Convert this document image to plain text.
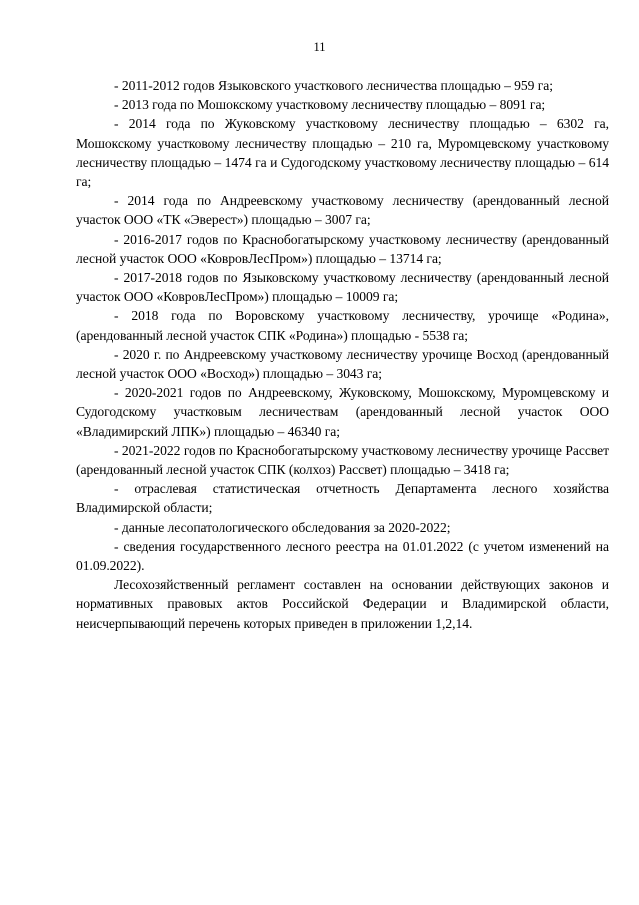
11

- 2011-2012 годов Языковского участкового лесничества площадью – 959 га;

- 2013 года по Мошокскому участковому лесничеству площадью – 8091 га;

- 2014 года по Жуковскому участковому лесничеству площадью – 6302 га, Мошокскому участковому лесничеству площадью – 210 га, Муромцевскому участковому лесничеству площадью – 1474 га и Судогодскому участковому лесничеству площадью – 614 га;

- 2014 года по Андреевскому участковому лесничеству (арендованный лесной участок ООО «ТК «Эверест») площадью – 3007 га;

- 2016-2017 годов по Краснобогатырскому участковому лесничеству (арендованный лесной участок ООО «КовровЛесПром») площадью – 13714 га;

- 2017-2018 годов по Языковскому участковому лесничеству (арендованный лесной участок ООО «КовровЛесПром») площадью – 10009 га;

- 2018 года по Воровскому участковому лесничеству, урочище «Родина», (арендованный лесной участок СПК «Родина») площадью - 5538 га;

- 2020 г. по Андреевскому участковому лесничеству урочище Восход (арендованный лесной участок ООО «Восход») площадью – 3043 га;

- 2020-2021 годов по Андреевскому, Жуковскому, Мошокскому, Муромцевскому и Судогодскому участковым лесничествам (арендованный лесной участок ООО «Владимирский ЛПК») площадью – 46340 га;

- 2021-2022 годов по Краснобогатырскому участковому лесничеству урочище Рассвет (арендованный лесной участок СПК (колхоз) Рассвет) площадью – 3418 га;

- отраслевая статистическая отчетность Департамента лесного хозяйства Владимирской области;

- данные лесопатологического обследования за 2020-2022;

- сведения государственного лесного реестра на 01.01.2022 (с учетом изменений на 01.09.2022).

Лесохозяйственный регламент составлен на основании действующих законов и нормативных правовых актов Российской Федерации и Владимирской области, неисчерпывающий перечень которых приведен в приложении 1,2,14.
